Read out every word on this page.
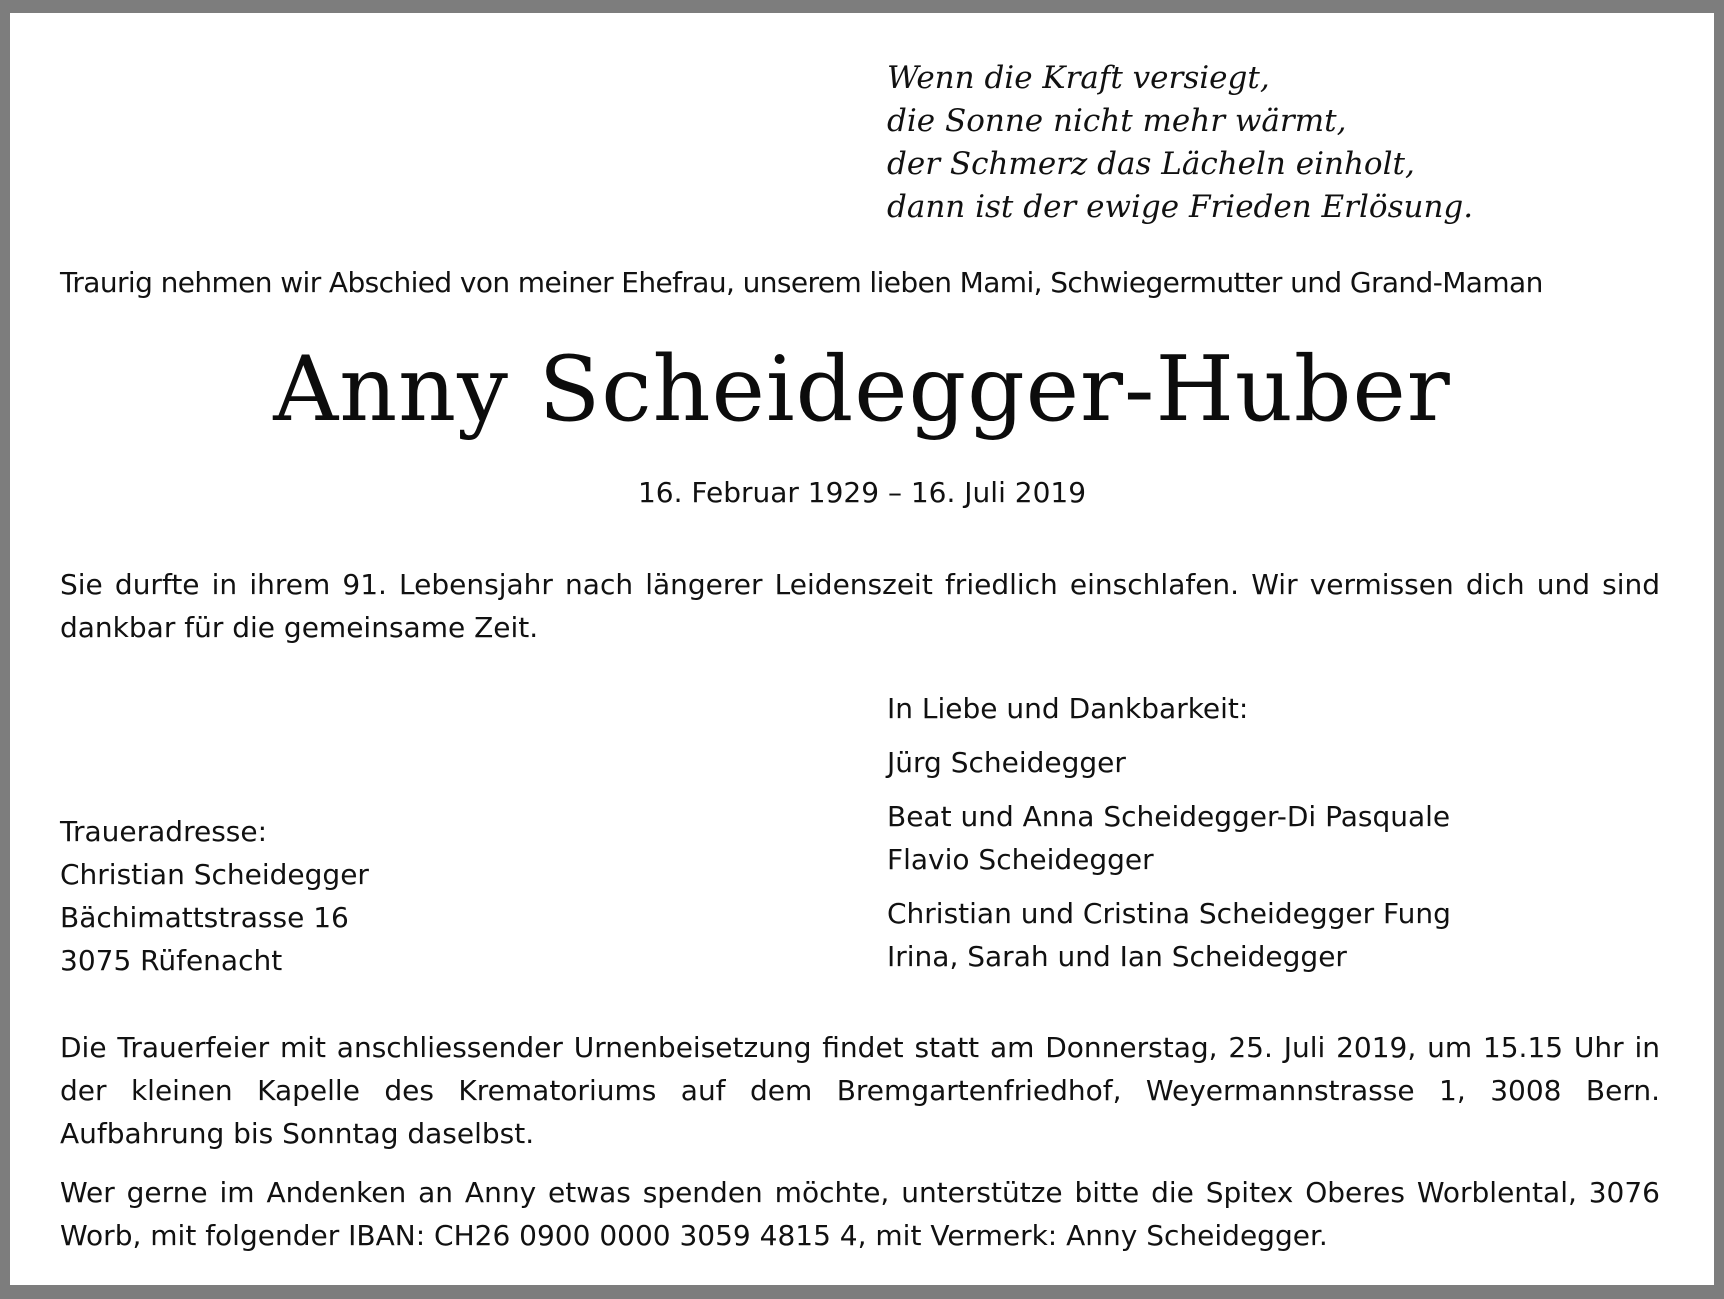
Wenn die Kraft versiegt,
die Sonne nicht mehr wärmt,
der Schmerz das Lächeln einholt,
dann ist der ewige Frieden Erlösung.
Traurig nehmen wir Abschied von meiner Ehefrau, unserem lieben Mami, Schwiegermutter und Grand-Maman
Anny Scheidegger-Huber
16. Februar 1929 – 16. Juli 2019
Sie durfte in ihrem 91. Lebensjahr nach längerer Leidenszeit friedlich einschlafen. Wir vermissen dich und sind dankbar für die gemeinsame Zeit.
In Liebe und Dankbarkeit:
Jürg Scheidegger
Beat und Anna Scheidegger-Di Pasquale
Flavio Scheidegger
Christian und Cristina Scheidegger Fung
Irina, Sarah und Ian Scheidegger
Traueradresse:
Christian Scheidegger
Bächimattstrasse 16
3075 Rüfenacht
Die Trauerfeier mit anschliessender Urnenbeisetzung findet statt am Donnerstag, 25. Juli 2019, um 15.15 Uhr in der kleinen Kapelle des Krematoriums auf dem Bremgartenfriedhof, Weyermannstrasse 1, 3008 Bern. Aufbahrung bis Sonntag daselbst.
Wer gerne im Andenken an Anny etwas spenden möchte, unterstütze bitte die Spitex Oberes Worblental, 3076 Worb, mit folgender IBAN: CH26 0900 0000 3059 4815 4, mit Vermerk: Anny Scheidegger.
